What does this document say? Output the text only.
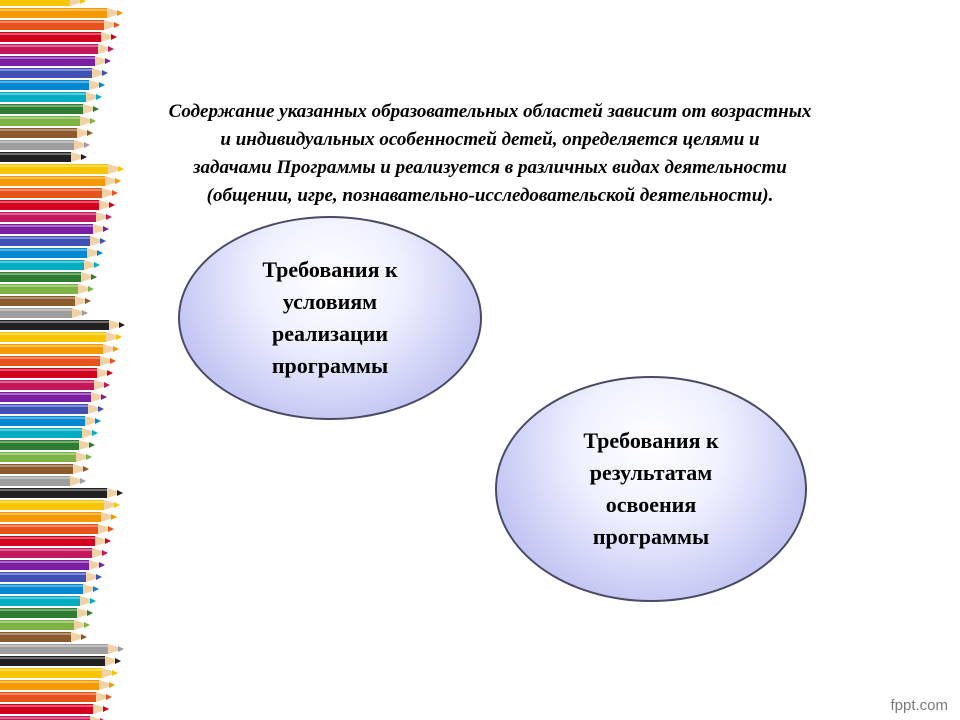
Содержание указанных образовательных областей зависит от возрастных
и индивидуальных особенностей детей, определяется целями и
задачами Программы и реализуется в различных видах деятельности
(общении, игре, познавательно-исследовательской деятельности).
Требования к
условиям
реализации
программы
Требования к
результатам
освоения
программы
fppt.com
